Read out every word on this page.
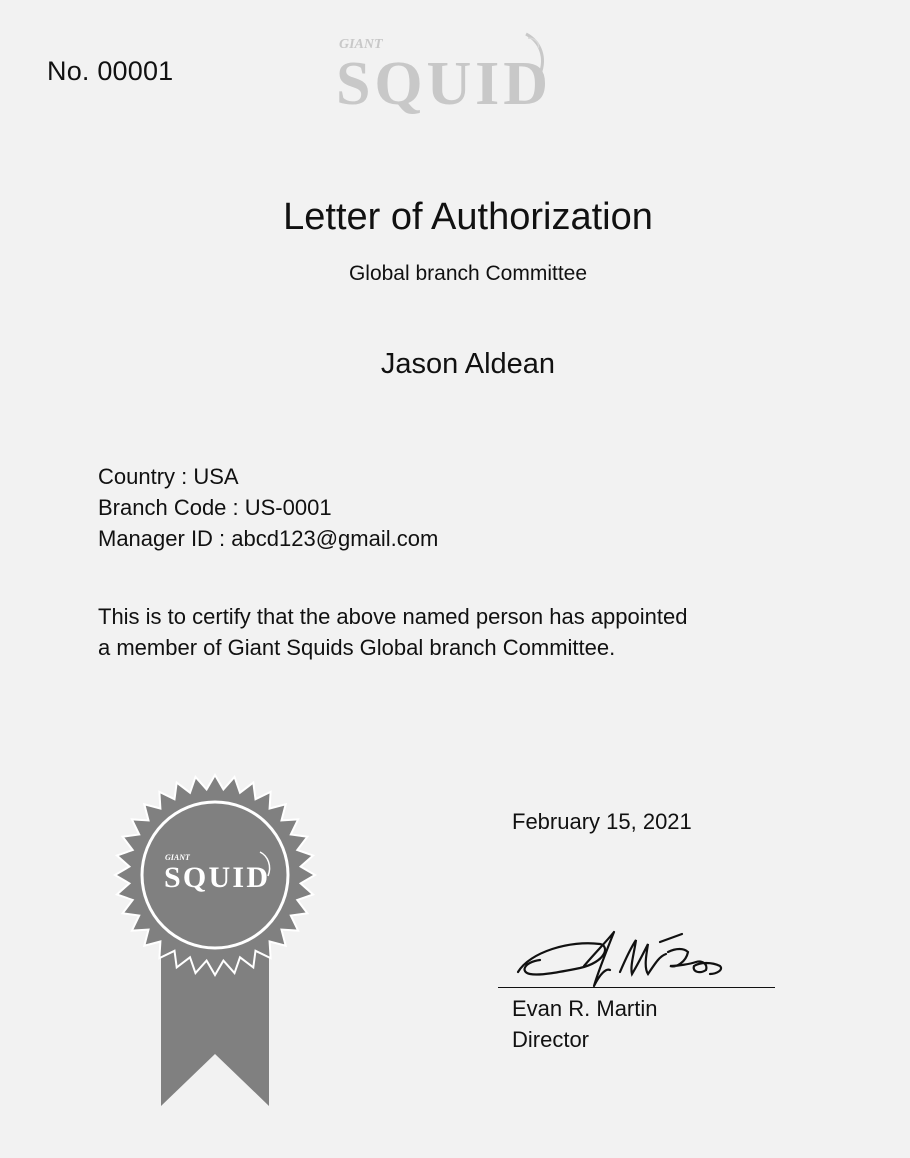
No. 00001
GIANT
SQUID
Letter of Authorization
Global branch Committee
Jason Aldean
Country : USA
Branch Code : US-0001
Manager ID : abcd123@gmail.com
This is to certify that the above named person has appointed
a member of Giant Squids Global branch Committee.
GIANT
SQUID
February 15, 2021
Evan R. Martin
Director
